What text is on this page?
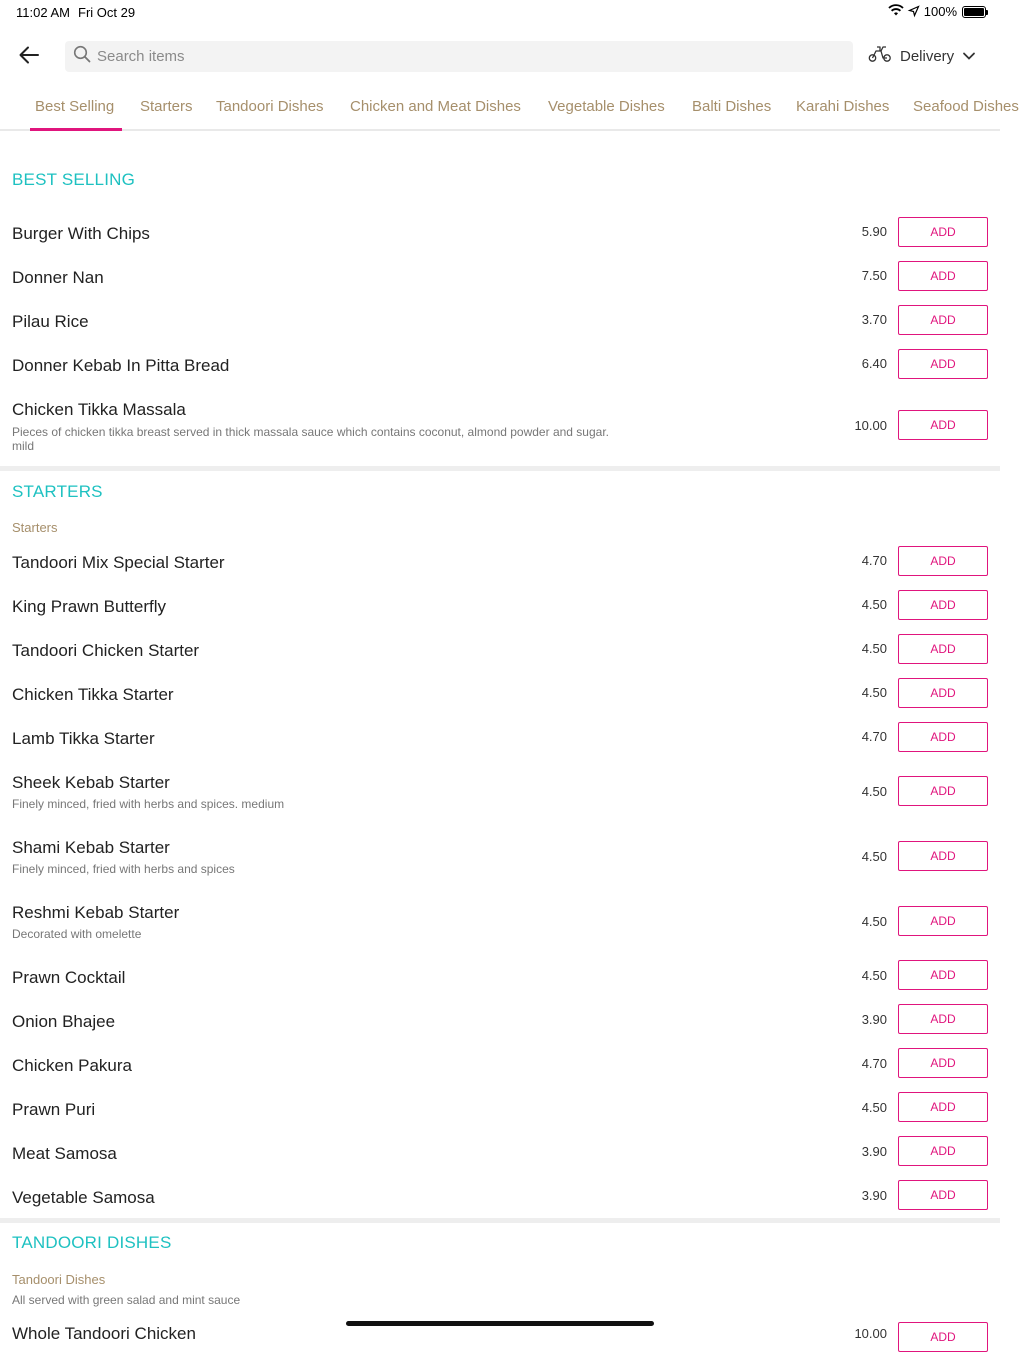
11:02 AM Fri Oct 29	100%
Search items
Delivery
Best Selling Starters Tandoori Dishes Chicken and Meat Dishes Vegetable Dishes Balti Dishes Karahi Dishes Seafood Dishes
BEST SELLING
Burger With Chips	5.90	ADD
Donner Nan	7.50	ADD
Pilau Rice	3.70	ADD
Donner Kebab In Pitta Bread	6.40	ADD
Chicken Tikka Massala
Pieces of chicken tikka breast served in thick massala sauce which contains coconut, almond powder and sugar. mild
10.00	ADD
STARTERS
Starters
Tandoori Mix Special Starter	4.70	ADD
King Prawn Butterfly	4.50	ADD
Tandoori Chicken Starter	4.50	ADD
Chicken Tikka Starter	4.50	ADD
Lamb Tikka Starter	4.70	ADD
Sheek Kebab Starter
Finely minced, fried with herbs and spices. medium
4.50	ADD
Shami Kebab Starter
Finely minced, fried with herbs and spices
4.50	ADD
Reshmi Kebab Starter
Decorated with omelette
4.50	ADD
Prawn Cocktail	4.50	ADD
Onion Bhajee	3.90	ADD
Chicken Pakura	4.70	ADD
Prawn Puri	4.50	ADD
Meat Samosa	3.90	ADD
Vegetable Samosa	3.90	ADD
TANDOORI DISHES
Tandoori Dishes
All served with green salad and mint sauce
Whole Tandoori Chicken	10.00	ADD
